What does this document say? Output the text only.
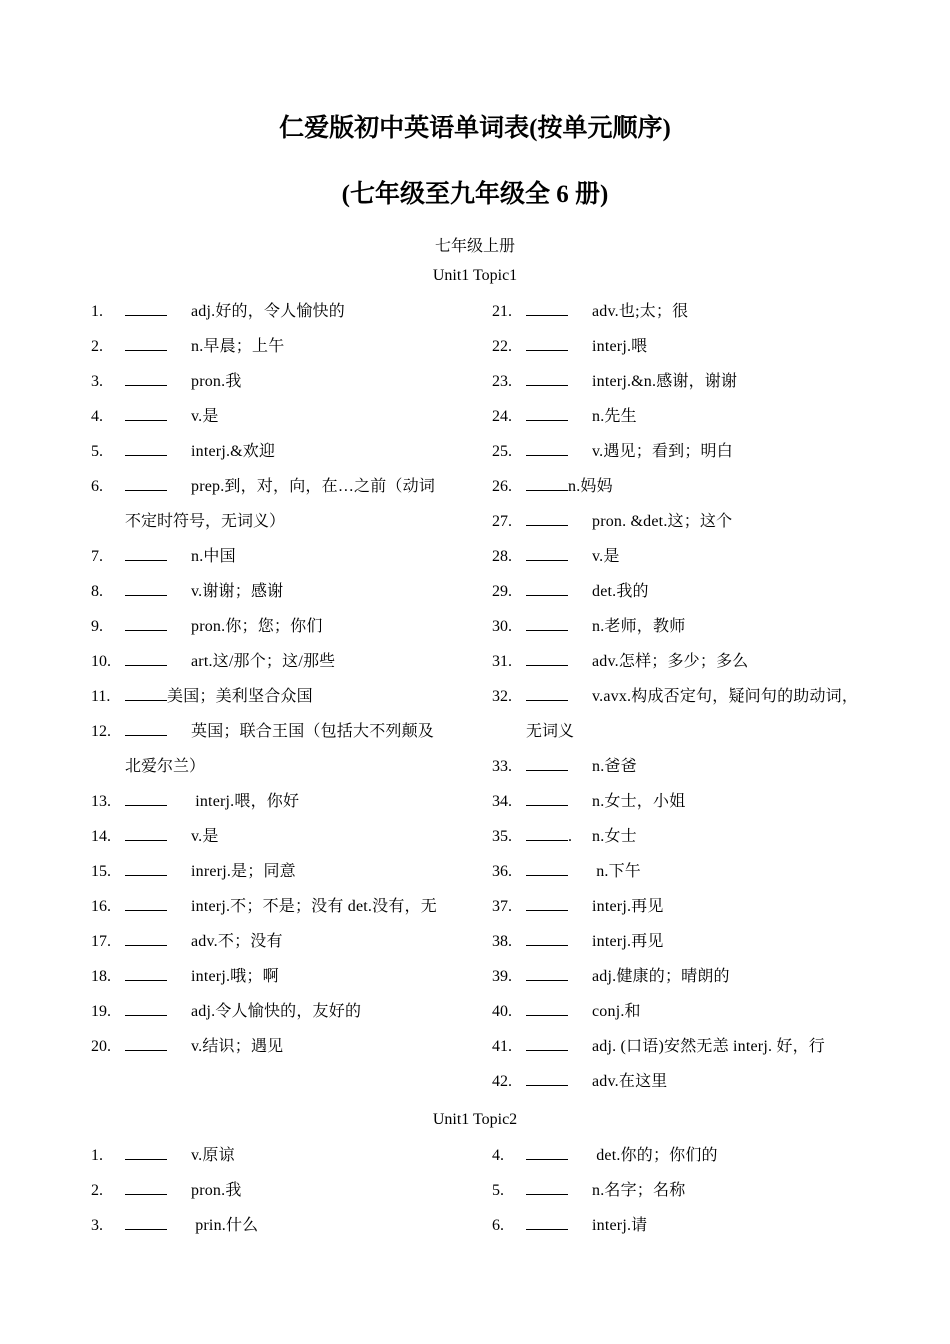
仁爱版初中英语单词表(按单元顺序)
(七年级至九年级全 6 册)
七年级上册
Unit1 Topic1
1.	adj.好的，令人愉快的
2.	n.早晨；上午
3.	pron.我
4.	v.是
5.	interj.&欢迎
6.	prep.到，对，向，在…之前（动词
不定时符号，无词义）
7.	n.中国
8.	v.谢谢；感谢
9.	pron.你；您；你们
10.	art.这/那个；这/那些
11.	美国；美利坚合众国
12.	英国；联合王国（包括大不列颠及
北爱尔兰）
13.	interj.喂，你好
14.	v.是
15.	inrerj.是；同意
16.	interj.不；不是；没有 det.没有，无
17.	adv.不；没有
18.	interj.哦；啊
19.	adj.令人愉快的，友好的
20.	v.结识；遇见
21.	adv.也;太；很
22.	interj.喂
23.	interj.&n.感谢，谢谢
24.	n.先生
25.	v.遇见；看到；明白
26.	n.妈妈
27.	pron. &det.这；这个
28.	v.是
29.	det.我的
30.	n.老师，教师
31.	adv.怎样；多少；多么
32.	v.avx.构成否定句，疑问句的助动词，
无词义
33.	n.爸爸
34.	n.女士，小姐
35.	. n.女士
36.	n.下午
37.	interj.再见
38.	interj.再见
39.	adj.健康的；晴朗的
40.	conj.和
41.	adj. (口语)安然无恙 interj. 好，行
42.	adv.在这里
Unit1 Topic2
1.	v.原谅
2.	pron.我
3.	prin.什么
4.	det.你的；你们的
5.	n.名字；名称
6.	interj.请
